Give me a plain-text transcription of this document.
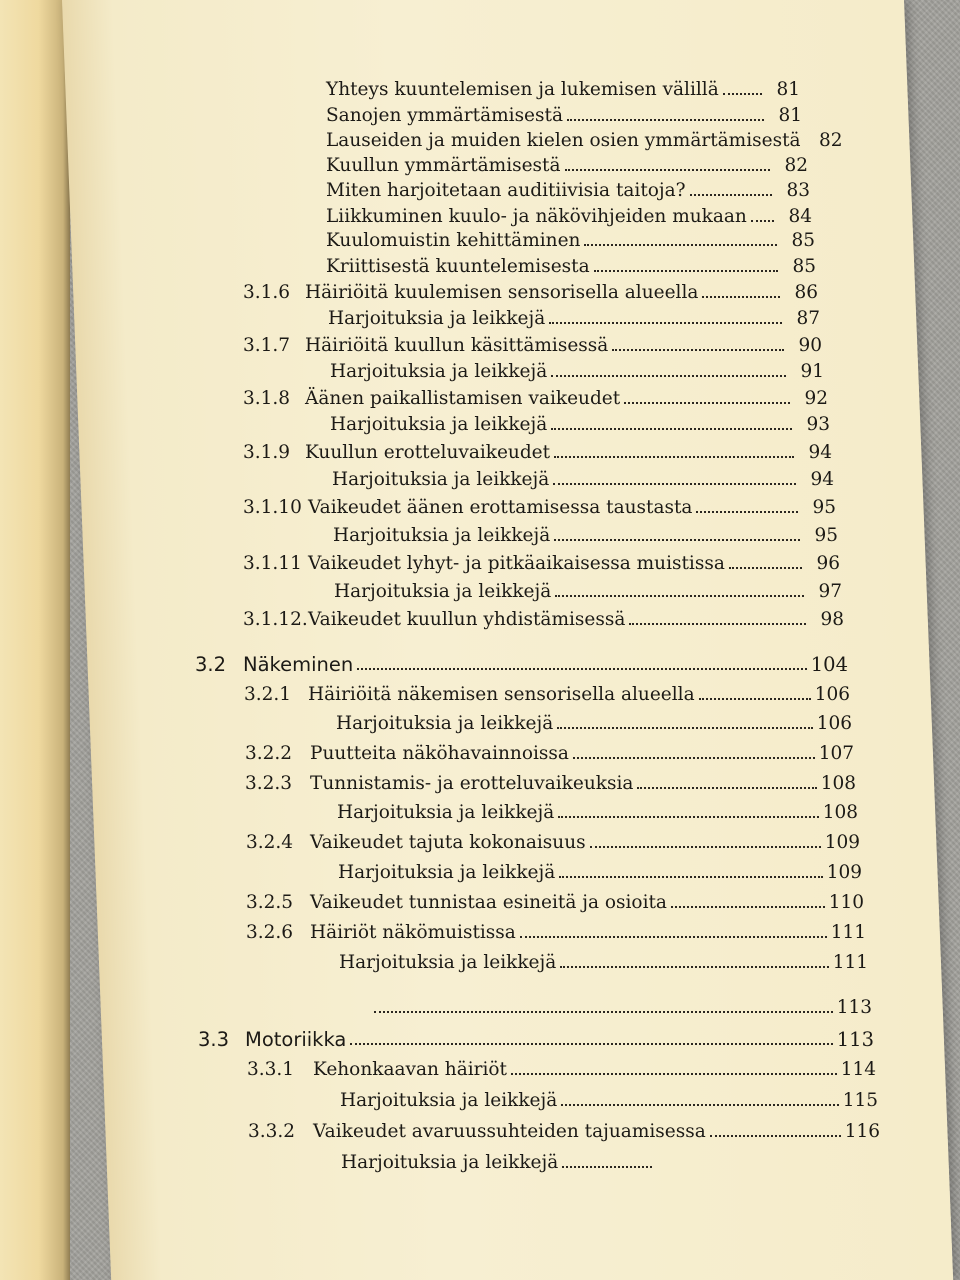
Yhteys kuuntelemisen ja lukemisen välillä	81
Sanojen ymmärtämisestä	81
Lauseiden ja muiden kielen osien ymmärtämisestä 82
Kuullun ymmärtämisestä	82
Miten harjoitetaan auditiivisia taitoja?	83
Liikkuminen kuulo- ja näkövihjeiden mukaan	84
Kuulomuistin kehittäminen	85
Kriittisestä kuuntelemisesta	85
3.1.6 Häiriöitä kuulemisen sensorisella alueella	86
Harjoituksia ja leikkejä	87
3.1.7 Häiriöitä kuullun käsittämisessä	90
Harjoituksia ja leikkejä	91
3.1.8 Äänen paikallistamisen vaikeudet	92
Harjoituksia ja leikkejä	93
3.1.9 Kuullun erotteluvaikeudet	94
Harjoituksia ja leikkejä	94
3.1.10 Vaikeudet äänen erottamisessa taustasta	95
Harjoituksia ja leikkejä	95
3.1.11 Vaikeudet lyhyt- ja pitkäaikaisessa muistissa	96
Harjoituksia ja leikkejä	97
3.1.12. Vaikeudet kuullun yhdistämisessä	98
3.2 Näkeminen	104
3.2.1 Häiriöitä näkemisen sensorisella alueella	106
Harjoituksia ja leikkejä	106
3.2.2 Puutteita näköhavainnoissa	107
3.2.3 Tunnistamis- ja erotteluvaikeuksia	108
Harjoituksia ja leikkejä	108
3.2.4 Vaikeudet tajuta kokonaisuus	109
Harjoituksia ja leikkejä	109
3.2.5 Vaikeudet tunnistaa esineitä ja osioita	110
3.2.6 Häiriöt näkömuistissa	111
Harjoituksia ja leikkejä	111
113
3.3 Motoriikka	113
3.3.1	Kehonkaavan häiriöt	114
Harjoituksia ja leikkejä	115
3.3.2 Vaikeudet avaruussuhteiden tajuamisessa	116
Harjoituksia ja leikkejä
